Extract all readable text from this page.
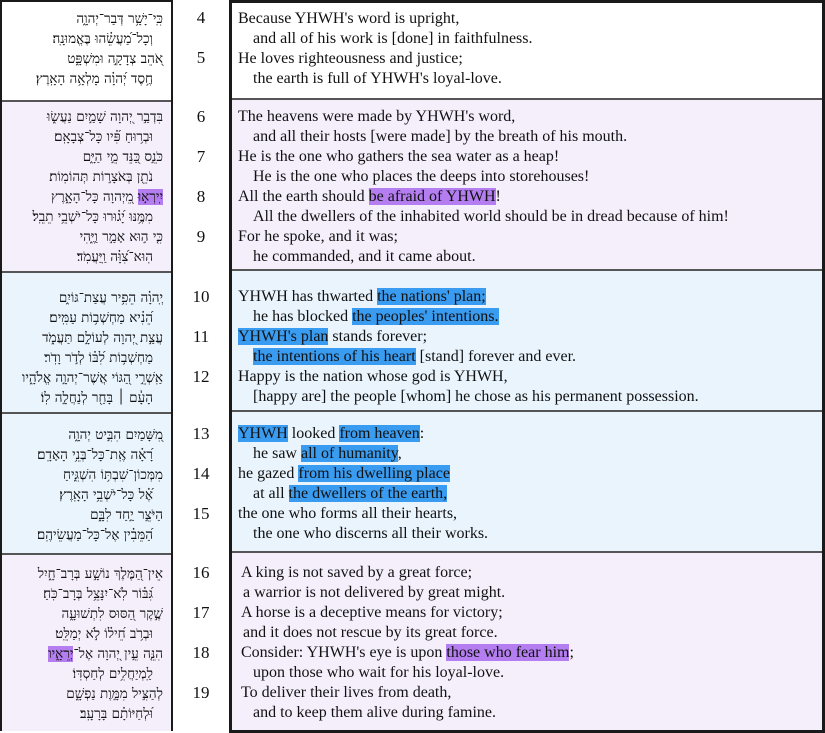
כִּֽי־יָשָׁ֥ר דְּבַר־יְהוָ֑ה
וְכָל־מַ֝עֲשֵׂ֗הוּ בֶּאֱמוּנָֽה׃
אֹ֭הֵב צְדָקָ֣ה וּמִשְׁפָּ֑ט
חֶ֥סֶד יְ֝הוָ֗ה מָלְאָ֥ה הָאָֽרֶץ׃
בִּדְבַ֣ר יְ֭הוָה שָׁמַ֣יִם נַעֲשׂ֑וּ
וּבְר֥וּחַ פִּ֝֗יו כָּל־צְבָאָֽם׃
כֹּנֵ֣ס כַּ֭נֵּד מֵ֣י הַיָּ֑ם
נֹתֵ֖ן בְּאֹצָר֣וֹת תְּהוֹמֽוֹת׃
יִֽירְא֣וּ מֵ֭יְהוָה כָּל־הָאָ֑רֶץ
מִמֶּ֥נּוּ יָ֝ג֗וּרוּ כָּל־יֹשְׁבֵ֥י תֵבֵֽל׃
כִּ֤י ה֣וּא אָמַ֣ר וַיֶּ֑הִי
הֽוּא־צִ֝וָּ֗ה וַֽיַּעֲמֹֽד׃
יְֽהוָ֗ה הֵפִ֥יר עֲצַת־גּוֹיִ֑ם
הֵ֝נִ֗יא מַחְשְׁב֥וֹת עַמִּֽים׃
עֲצַ֣ת יְ֭הוָה לְעוֹלָ֣ם תַּעֲמֹ֑ד
מַחְשְׁב֥וֹת לִ֝בּ֗וֹ לְדֹ֣ר וָדֹֽר׃
אַֽשְׁרֵ֣י הַ֭גּוֹי אֲשֶׁר־יְהוָ֣ה אֱלֹהָ֑יו
הָעָ֓ם ׀ בָּחַ֖ר לְנַחֲלָ֣ה לֽוֹ׃
מִ֭שָּׁמַיִם הִבִּ֣יט יְהוָ֑ה
רָ֝אָ֗ה אֶֽת־כָּל־בְּנֵ֥י הָאָדָֽם׃
מִמְּכוֹן־שִׁבְתּ֥וֹ הִשְׁגִּ֑יחַ
אֶ֝֗ל כָּל־יֹשְׁבֵ֥י הָאָֽרֶץ׃
הַיֹּצֵ֣ר יַ֣חַד לִבָּ֑ם
הַ֝מֵּבִ֗ין אֶל־כָּל־מַעֲשֵׂיהֶֽם׃
אֵין־הַ֭מֶּלֶךְ נוֹשָׁ֣ע בְּרָב־חָ֑יִל
גִּ֝בּ֗וֹר לֹֽא־יִנָּצֵ֥ל בְּרָב־כֹּֽחַ׃
שֶׁ֣קֶר הַ֭סּוּס לִתְשׁוּעָ֑ה
וּבְרֹ֥ב חֵ֝יל֗וֹ לֹ֣א יְמַלֵּֽט׃
הִנֵּ֤ה עֵ֣ין יְ֭הוָה אֶל־יְרֵאָ֑יו
לַֽמְיַחֲלִ֥ים לְחַסְדּֽוֹ׃
לְהַצִּ֣יל מִמָּ֣וֶת נַפְשָׁ֑ם
וּ֝לְחַיּוֹתָ֗ם בָּרָעָֽב׃
4
5
6
7
8
9
10
11
12
13
14
15
16
17
18
19
Because YHWH's word is upright,
and all of his work is [done] in faithfulness.
He loves righteousness and justice;
the earth is full of YHWH's loyal-love.
The heavens were made by YHWH's word,
and all their hosts [were made] by the breath of his mouth.
He is the one who gathers the sea water as a heap!
He is the one who places the deeps into storehouses!
All the earth should be afraid of YHWH!
All the dwellers of the inhabited world should be in dread because of him!
For he spoke, and it was;
he commanded, and it came about.
YHWH has thwarted the nations' plan;
he has blocked the peoples' intentions.
YHWH's plan stands forever;
the intentions of his heart [stand] forever and ever.
Happy is the nation whose god is YHWH,
[happy are] the people [whom] he chose as his permanent possession.
YHWH looked from heaven:
he saw all of humanity,
he gazed from his dwelling place
at all the dwellers of the earth,
the one who forms all their hearts,
the one who discerns all their works.
A king is not saved by a great force;
a warrior is not delivered by great might.
A horse is a deceptive means for victory;
and it does not rescue by its great force.
Consider: YHWH's eye is upon those who fear him;
upon those who wait for his loyal-love.
To deliver their lives from death,
and to keep them alive during famine.
